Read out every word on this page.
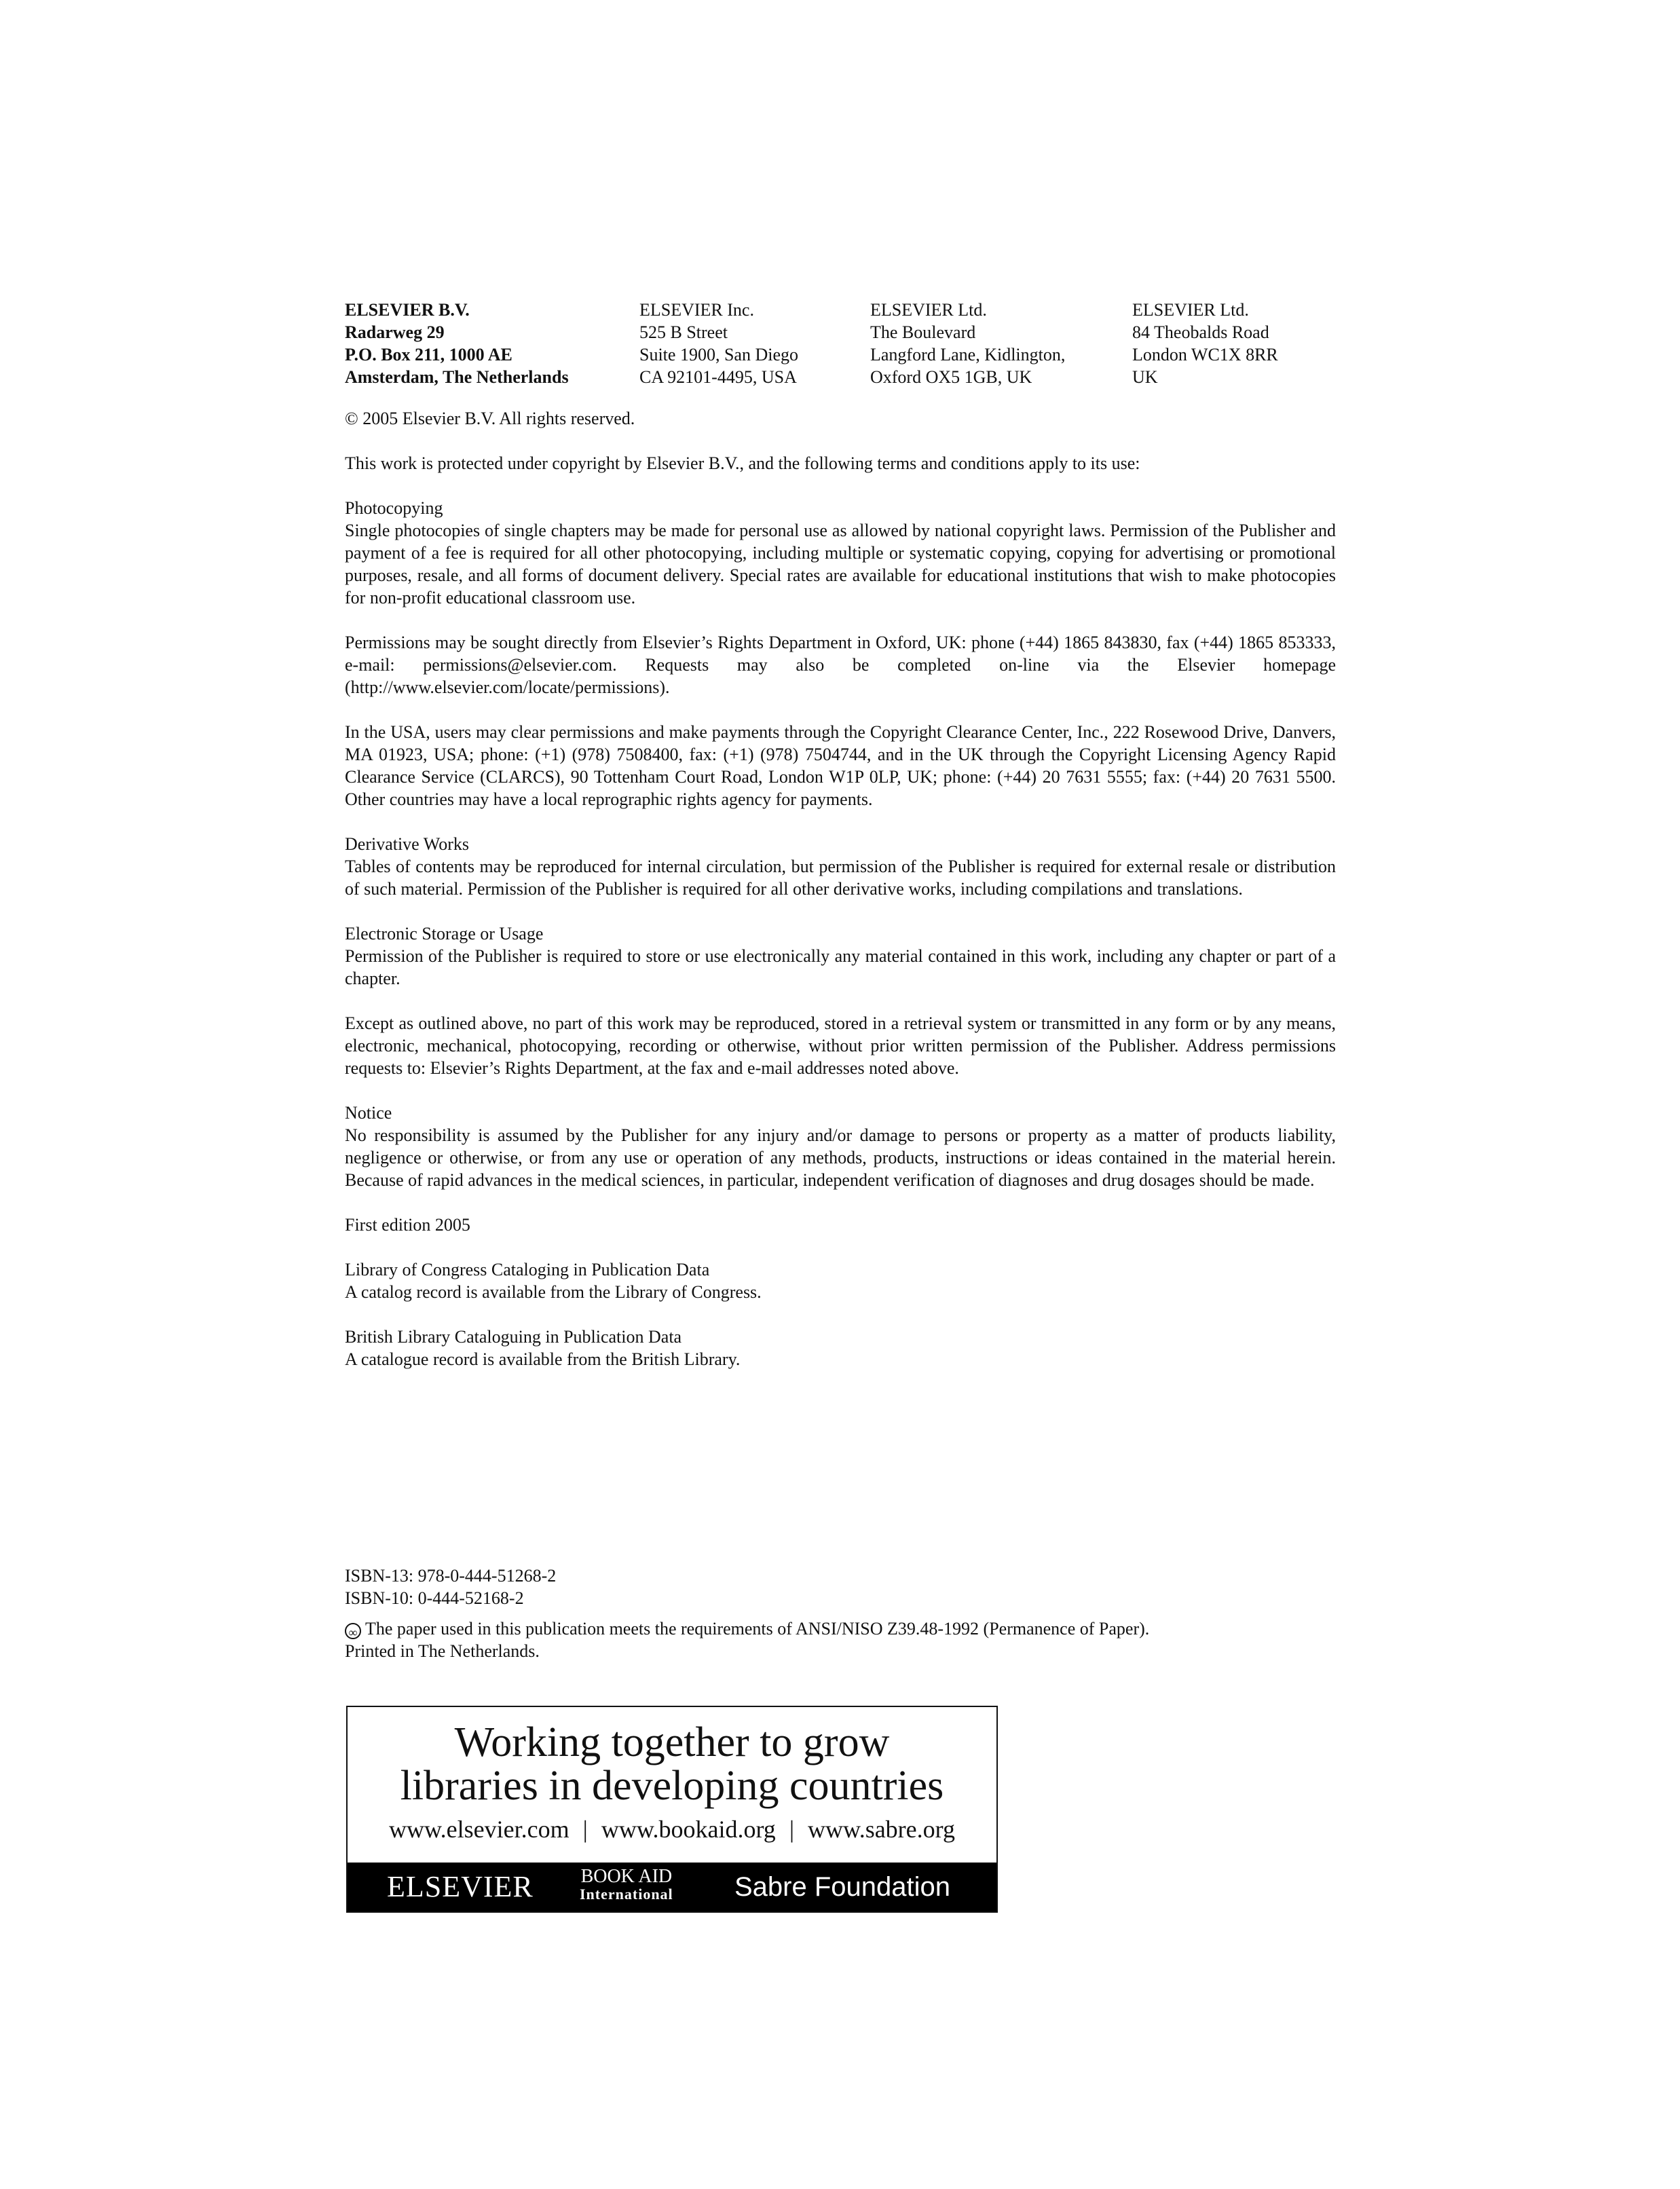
ELSEVIER B.V.
Radarweg 29
P.O. Box 211, 1000 AE
Amsterdam, The Netherlands
ELSEVIER Inc.
525 B Street
Suite 1900, San Diego
CA 92101-4495, USA
ELSEVIER Ltd.
The Boulevard
Langford Lane, Kidlington,
Oxford OX5 1GB, UK
ELSEVIER Ltd.
84 Theobalds Road
London WC1X 8RR
UK

© 2005 Elsevier B.V. All rights reserved.

This work is protected under copyright by Elsevier B.V., and the following terms and conditions apply to its use:

Photocopying

Single photocopies of single chapters may be made for personal use as allowed by national copyright laws. Permission of the Publisher and payment of a fee is required for all other photocopying, including multiple or systematic copying, copying for advertising or promotional purposes, resale, and all forms of document delivery. Special rates are available for educational institutions that wish to make photocopies for non-profit educational classroom use.

Permissions may be sought directly from Elsevier’s Rights Department in Oxford, UK: phone (+44) 1865 843830, fax (+44) 1865 853333, e-mail: permissions@elsevier.com. Requests may also be completed on-line via the Elsevier homepage (http://www.elsevier.com/locate/permissions).

In the USA, users may clear permissions and make payments through the Copyright Clearance Center, Inc., 222 Rosewood Drive, Danvers, MA 01923, USA; phone: (+1) (978) 7508400, fax: (+1) (978) 7504744, and in the UK through the Copyright Licensing Agency Rapid Clearance Service (CLARCS), 90 Tottenham Court Road, London W1P 0LP, UK; phone: (+44) 20 7631 5555; fax: (+44) 20 7631 5500. Other countries may have a local reprographic rights agency for payments.

Derivative Works

Tables of contents may be reproduced for internal circulation, but permission of the Publisher is required for external resale or distribution of such material. Permission of the Publisher is required for all other derivative works, including compilations and translations.

Electronic Storage or Usage

Permission of the Publisher is required to store or use electronically any material contained in this work, including any chapter or part of a chapter.

Except as outlined above, no part of this work may be reproduced, stored in a retrieval system or transmitted in any form or by any means, electronic, mechanical, photocopying, recording or otherwise, without prior written permission of the Publisher. Address permissions requests to: Elsevier’s Rights Department, at the fax and e-mail addresses noted above.

Notice

No responsibility is assumed by the Publisher for any injury and/or damage to persons or property as a matter of products liability, negligence or otherwise, or from any use or operation of any methods, products, instructions or ideas contained in the material herein. Because of rapid advances in the medical sciences, in particular, independent verification of diagnoses and drug dosages should be made.

First edition 2005

Library of Congress Cataloging in Publication Data
A catalog record is available from the Library of Congress.
British Library Cataloguing in Publication Data
A catalogue record is available from the British Library.
ISBN-13: 978-0-444-51268-2
ISBN-10: 0-444-52168-2
∞ The paper used in this publication meets the requirements of ANSI/NISO Z39.48-1992 (Permanence of Paper).
Printed in The Netherlands.
Working together to grow
libraries in developing countries
www.elsevier.com | www.bookaid.org | www.sabre.org
ELSEVIER BOOK AID
International Sabre Foundation
